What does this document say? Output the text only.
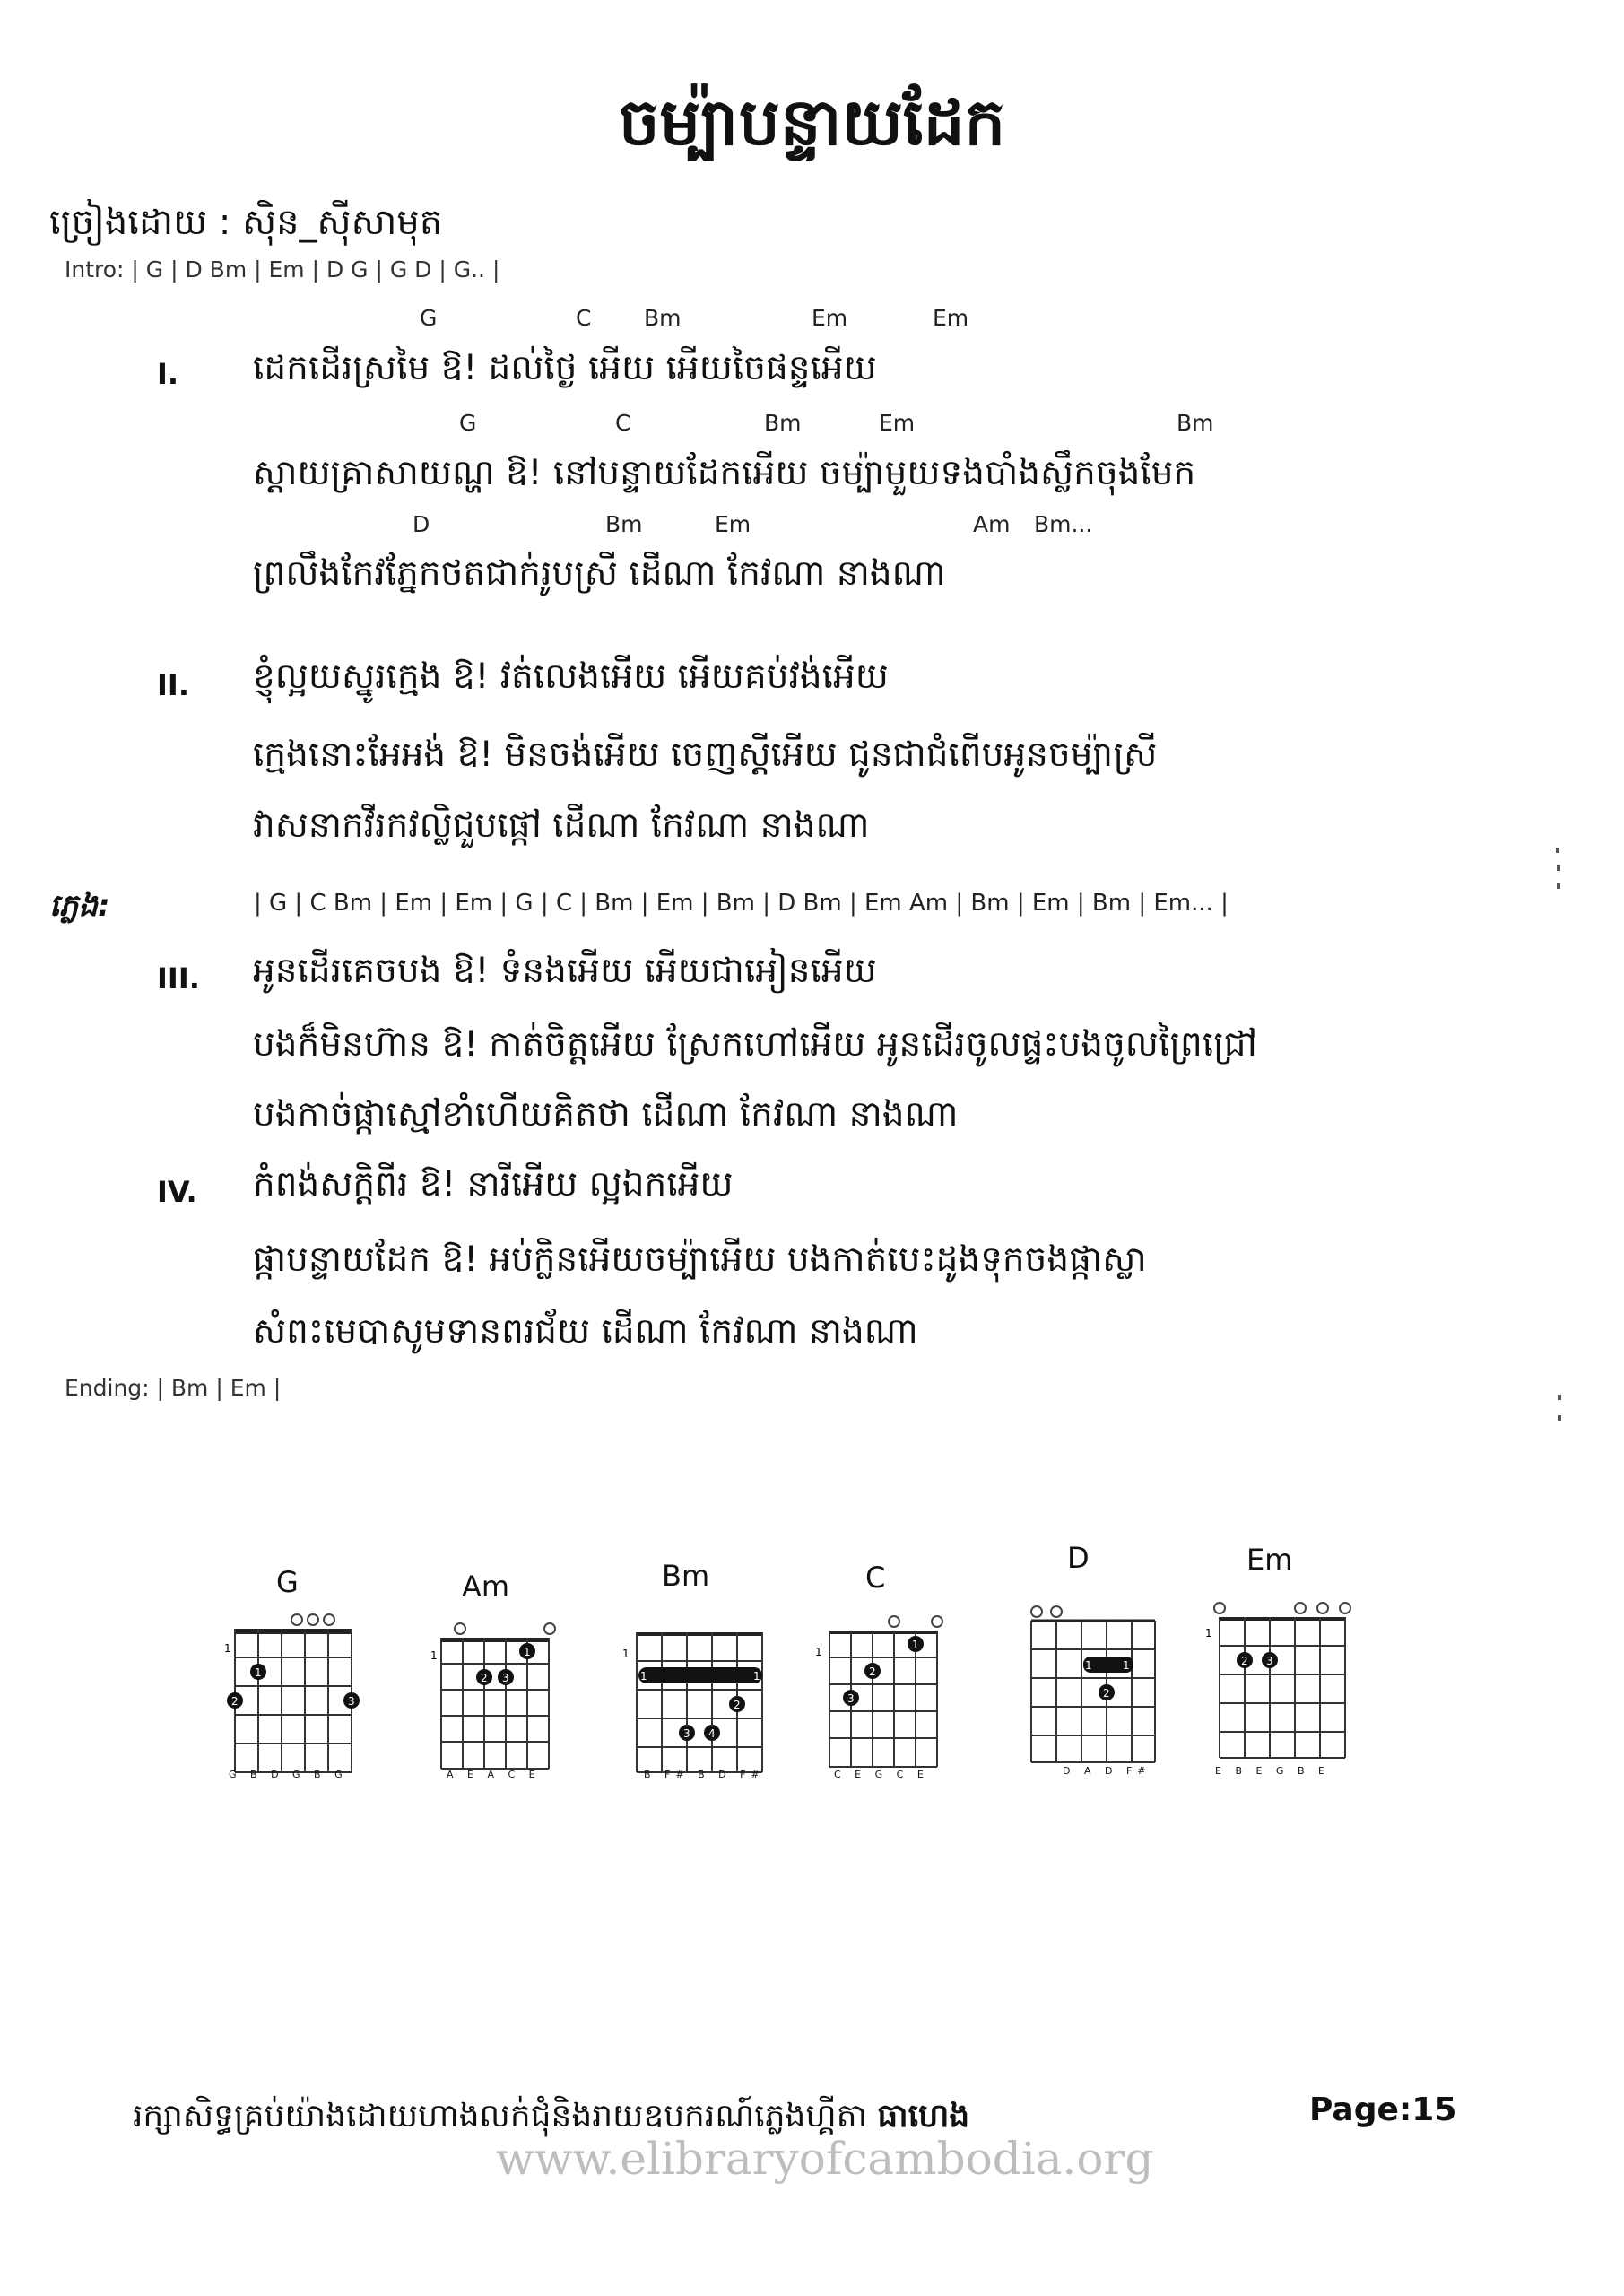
ចម្ប៉ាបន្ទាយដែក
ច្រៀងដោយ : ស៊ិន_ស៊ីសាមុត
Intro: | G | D Bm | Em | D G | G D | G.. |
G	C Bm	Em	Em
I. ដេកដើរស្រមៃ ឱ! ដល់ថ្ងៃ អើយ អើយចៃផន្ទអើយ
G	C	Bm	Em	Bm
ស្តាយគ្រាសាយណ្ហ ឱ! នៅបន្ទាយដែកអើយ ចម្ប៉ាមួយទងបាំងស្លឹកចុងមែក
D	Bm	Em	Am Bm...
ព្រលឹងកែវភ្នែកថតជាក់រូបស្រី ដើណា កែវណា នាងណា
II. ខ្ញុំល្អយស្នូរក្មេង ឱ! វត់លេងអើយ អើយគប់វង់អើយ
ក្មេងនោះអែអង់ ឱ! មិនចង់អើយ ចេញស្តីអើយ ជូនជាជំពើបអូនចម្ប៉ាស្រី
វាសនាកវីរកវល្លិជួបផ្កៅ ដើណា កែវណា នាងណា
ភ្លេង:	| G | C Bm | Em | Em | G | C | Bm | Em | Bm | D Bm | Em Am | Bm | Em | Bm | Em... |
III. អូនដើរគេចបង ឱ! ទំនងអើយ អើយជាអៀនអើយ
បងក៏មិនហ៊ាន ឱ! កាត់ចិត្តអើយ ស្រែកហៅអើយ អូនដើរចូលផ្ទះបងចូលព្រៃជ្រៅ
បងកាច់ផ្កាស្មៅខាំហើយគិតថា ដើណា កែវណា នាងណា
IV. កំពង់សក្តិពីរ ឱ! នារីអើយ ល្អឯកអើយ
ផ្កាបន្ទាយដែក ឱ! អប់ក្លិនអើយចម្ប៉ាអើយ បងកាត់បេះដូងទុកចងផ្កាស្លា
សំពះមេបាសូមទានពរជ័យ ដើណា កែវណា នាងណា
Ending: | Bm | Em |
G	Am	Bm	C
D	Em
1
1
2	3
G B D G B G
1	1
2 3
A E A C E
1
1	1
2
3 4
B F# B D F#
1
1
2
3
C E G C E
1	1
2
D A D F#
1
2 3
E B E G B E
រក្សាសិទ្ធគ្រប់យ៉ាងដោយហាងលក់ជុំនិងរាយឧបករណ៍ភ្លេងហ្គីតា ធាហេង	Page:15
www.elibraryofcambodia.org
